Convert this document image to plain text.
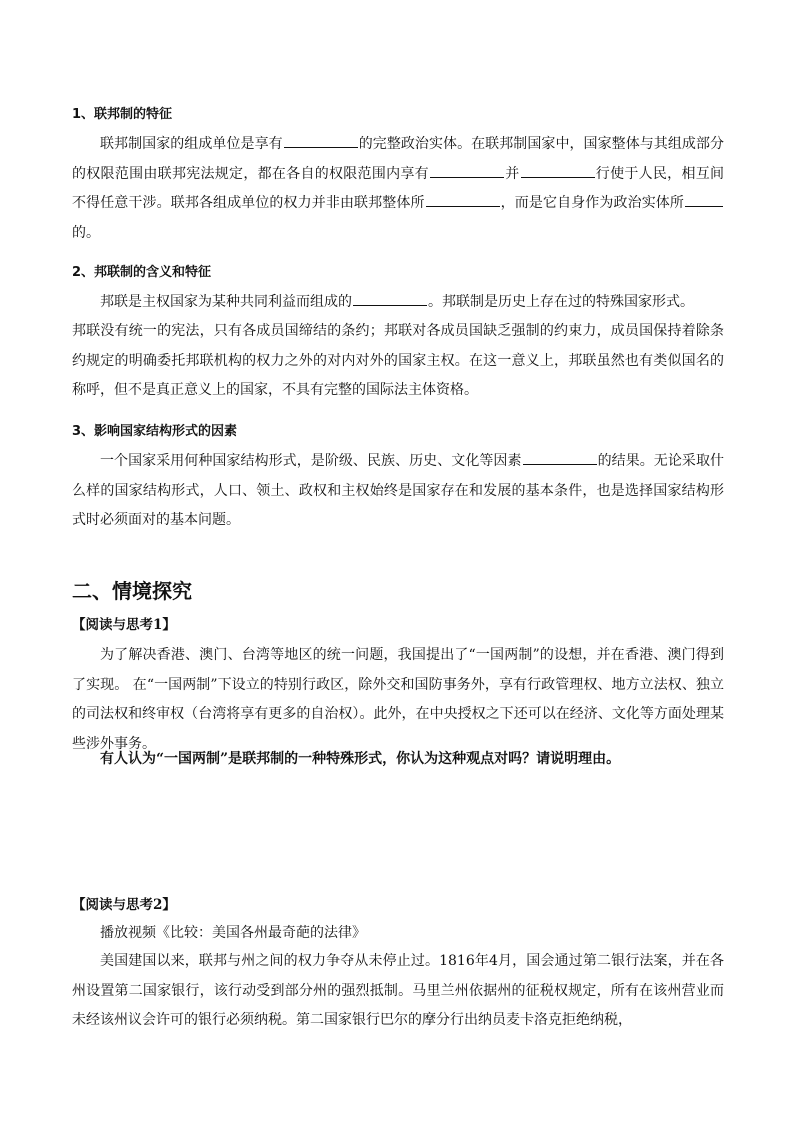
1、联邦制的特征

联邦制国家的组成单位是享有	的完整政治实体。在联邦制国家中，国家整体与其组成部分的权限范围由联邦宪法规定，都在各自的权限范围内享有	并	行使于人民，相互间不得任意干涉。联邦各组成单位的权力并非由联邦整体所	，而是它自身作为政治实体所的。

2、邦联制的含义和特征

邦联是主权国家为某种共同利益而组成的	。邦联制是历史上存在过的特殊国家形式。

邦联没有统一的宪法，只有各成员国缔结的条约；邦联对各成员国缺乏强制的约束力，成员国保持着除条约规定的明确委托邦联机构的权力之外的对内对外的国家主权。在这一意义上，邦联虽然也有类似国名的称呼，但不是真正意义上的国家，不具有完整的国际法主体资格。

3、影响国家结构形式的因素

一个国家采用何种国家结构形式，是阶级、民族、历史、文化等因素	的结果。无论采取什么样的国家结构形式，人口、领土、政权和主权始终是国家存在和发展的基本条件，也是选择国家结构形式时必须面对的基本问题。

二、情境探究
【阅读与思考1】

为了解决香港、澳门、台湾等地区的统一问题，我国提出了“一国两制”的设想，并在香港、澳门得到了实现。 在“一国两制”下设立的特别行政区，除外交和国防事务外，享有行政管理权、地方立法权、独立的司法权和终审权（台湾将享有更多的自治权）。此外，在中央授权之下还可以在经济、文化等方面处理某些涉外事务。

有人认为“一国两制”是联邦制的一种特殊形式，你认为这种观点对吗？请说明理由。

【阅读与思考2】

播放视频《比较：美国各州最奇葩的法律》

美国建国以来，联邦与州之间的权力争夺从未停止过。1816年4月，国会通过第二银行法案，并在各州设置第二国家银行，该行动受到部分州的强烈抵制。马里兰州依据州的征税权规定，所有在该州营业而未经该州议会许可的银行必须纳税。第二国家银行巴尔的摩分行出纳员麦卡洛克拒绝纳税，
